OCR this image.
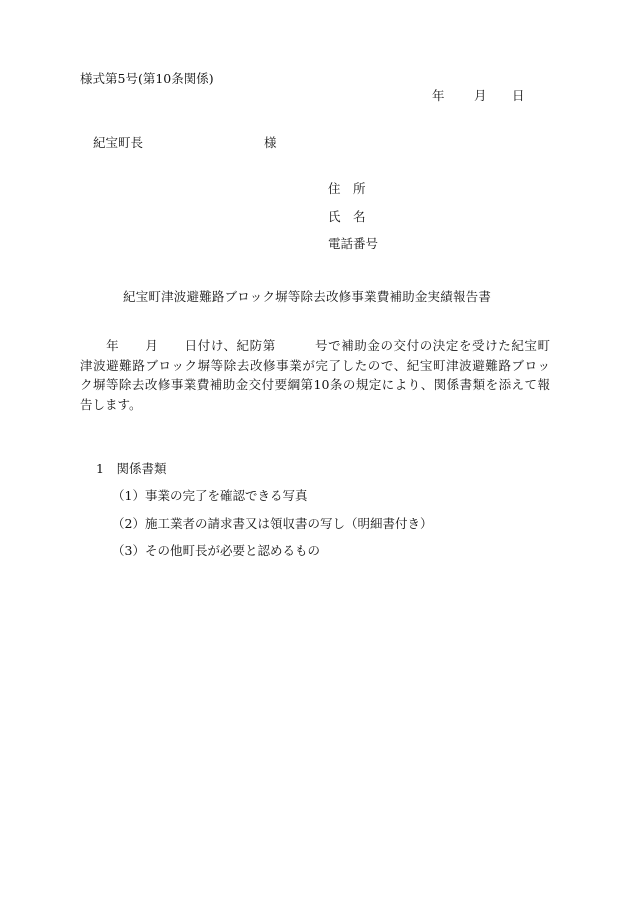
様式第5号(第10条関係)
年 月 日
紀宝町長	様
住　所
氏　名
電話番号
紀宝町津波避難路ブロック塀等除去改修事業費補助金実績報告書
　　年　　月　　日付け、紀防第　　　号で補助金の交付の決定を受けた紀宝町
津波避難路ブロック塀等除去改修事業が完了したので、紀宝町津波避難路ブロッ
ク塀等除去改修事業費補助金交付要綱第10条の規定により、関係書類を添えて報
告します。
1　関係書類
（1）事業の完了を確認できる写真
（2）施工業者の請求書又は領収書の写し（明細書付き）
（3）その他町長が必要と認めるもの
